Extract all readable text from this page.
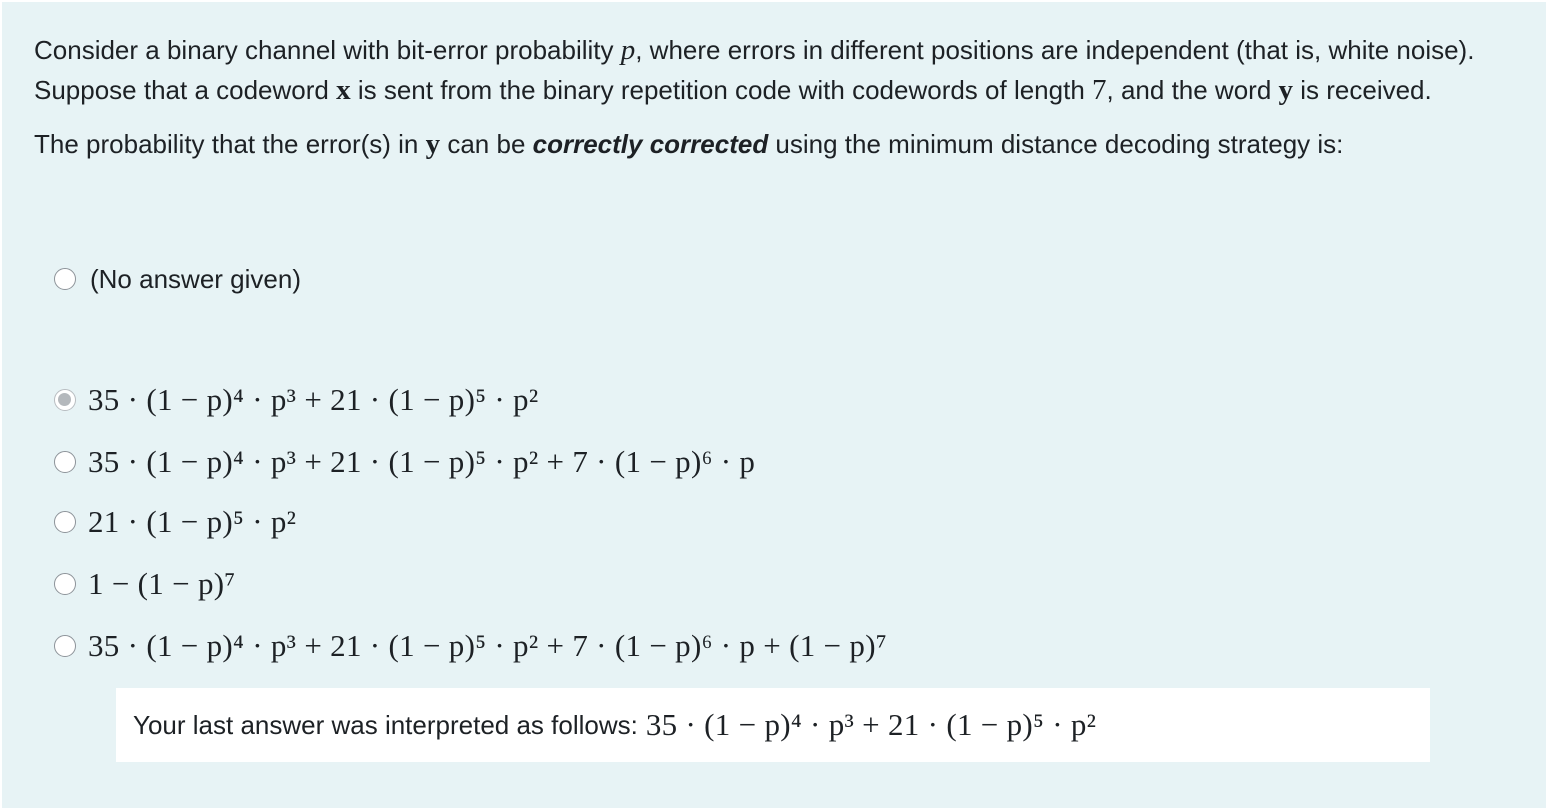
Consider a binary channel with bit-error probability p, where errors in different positions are independent (that is, white noise). Suppose that a codeword x is sent from the binary repetition code with codewords of length 7, and the word y is received.

The probability that the error(s) in y can be correctly corrected using the minimum distance decoding strategy is:

(No answer given)
35 · (1 − p)⁴ · p³ + 21 · (1 − p)⁵ · p²
35 · (1 − p)⁴ · p³ + 21 · (1 − p)⁵ · p² + 7 · (1 − p)⁶ · p
21 · (1 − p)⁵ · p²
1 − (1 − p)⁷
35 · (1 − p)⁴ · p³ + 21 · (1 − p)⁵ · p² + 7 · (1 − p)⁶ · p + (1 − p)⁷
Your last answer was interpreted as follows: 35 · (1 − p)⁴ · p³ + 21 · (1 − p)⁵ · p²
